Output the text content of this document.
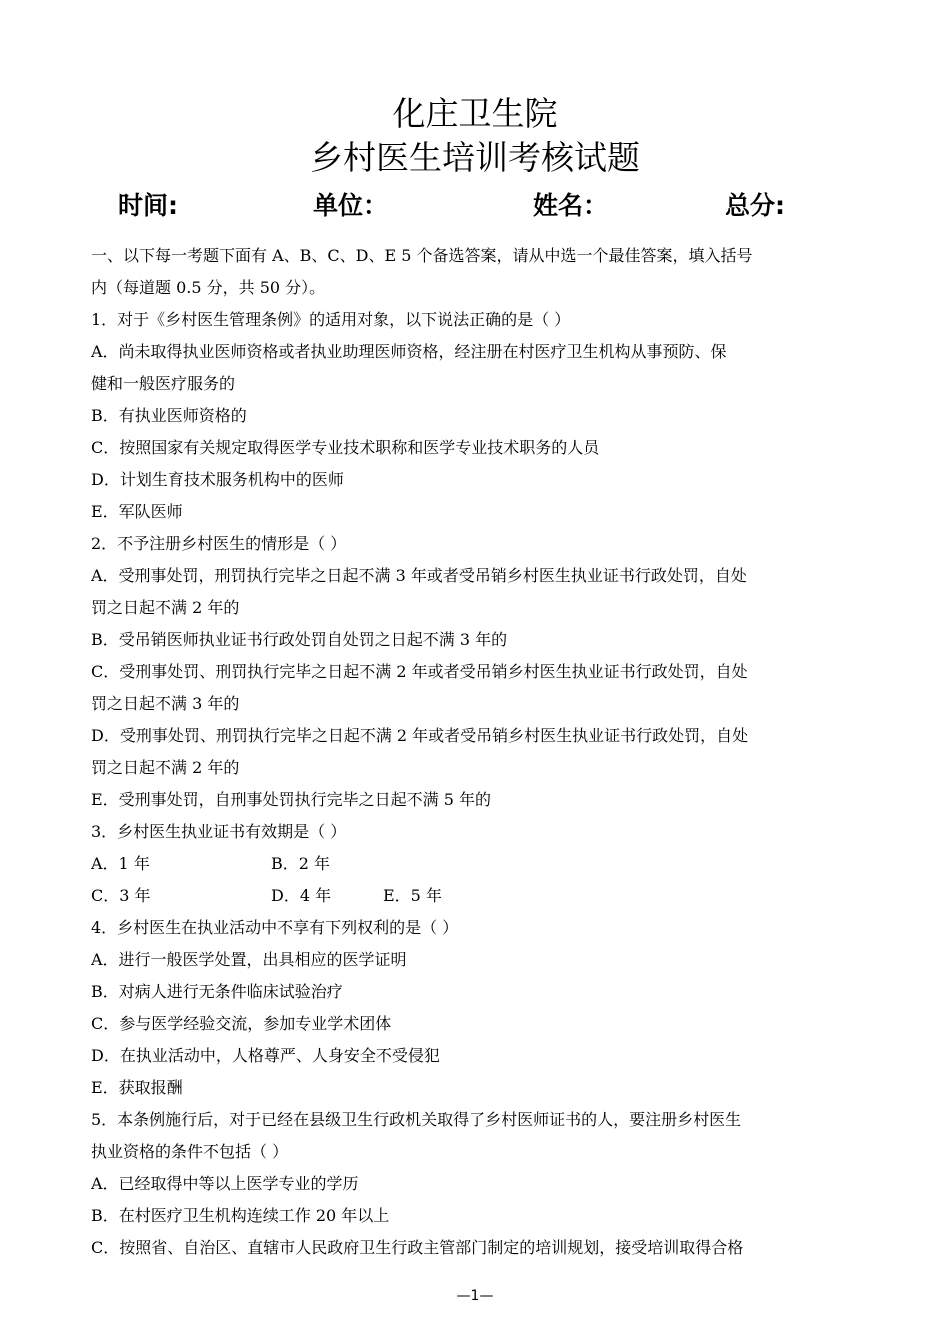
化庄卫生院
乡村医生培训考核试题
时间:	单位：	姓名：	总分:
一、以下每一考题下面有 A、B、C、D、E 5 个备选答案，请从中选一个最佳答案，填入括号
内（每道题 0.5 分，共 50 分）。
1．对于《乡村医生管理条例》的适用对象，以下说法正确的是（ ）
A．尚未取得执业医师资格或者执业助理医师资格，经注册在村医疗卫生机构从事预防、保
健和一般医疗服务的
B．有执业医师资格的
C．按照国家有关规定取得医学专业技术职称和医学专业技术职务的人员
D．计划生育技术服务机构中的医师
E．军队医师
2．不予注册乡村医生的情形是（ ）
A．受刑事处罚，刑罚执行完毕之日起不满 3 年或者受吊销乡村医生执业证书行政处罚，自处
罚之日起不满 2 年的
B．受吊销医师执业证书行政处罚自处罚之日起不满 3 年的
C．受刑事处罚、刑罚执行完毕之日起不满 2 年或者受吊销乡村医生执业证书行政处罚，自处
罚之日起不满 3 年的
D．受刑事处罚、刑罚执行完毕之日起不满 2 年或者受吊销乡村医生执业证书行政处罚，自处
罚之日起不满 2 年的
E．受刑事处罚，自刑事处罚执行完毕之日起不满 5 年的
3．乡村医生执业证书有效期是（ ）
A．1 年	B．2 年
C．3 年	D．4 年	E．5 年
4．乡村医生在执业活动中不享有下列权利的是（ ）
A．进行一般医学处置，出具相应的医学证明
B．对病人进行无条件临床试验治疗
C．参与医学经验交流，参加专业学术团体
D．在执业活动中，人格尊严、人身安全不受侵犯
E．获取报酬
5．本条例施行后，对于已经在县级卫生行政机关取得了乡村医师证书的人，要注册乡村医生
执业资格的条件不包括（ ）
A．已经取得中等以上医学专业的学历
B．在村医疗卫生机构连续工作 20 年以上
C．按照省、自治区、直辖市人民政府卫生行政主管部门制定的培训规划，接受培训取得合格
—1—
